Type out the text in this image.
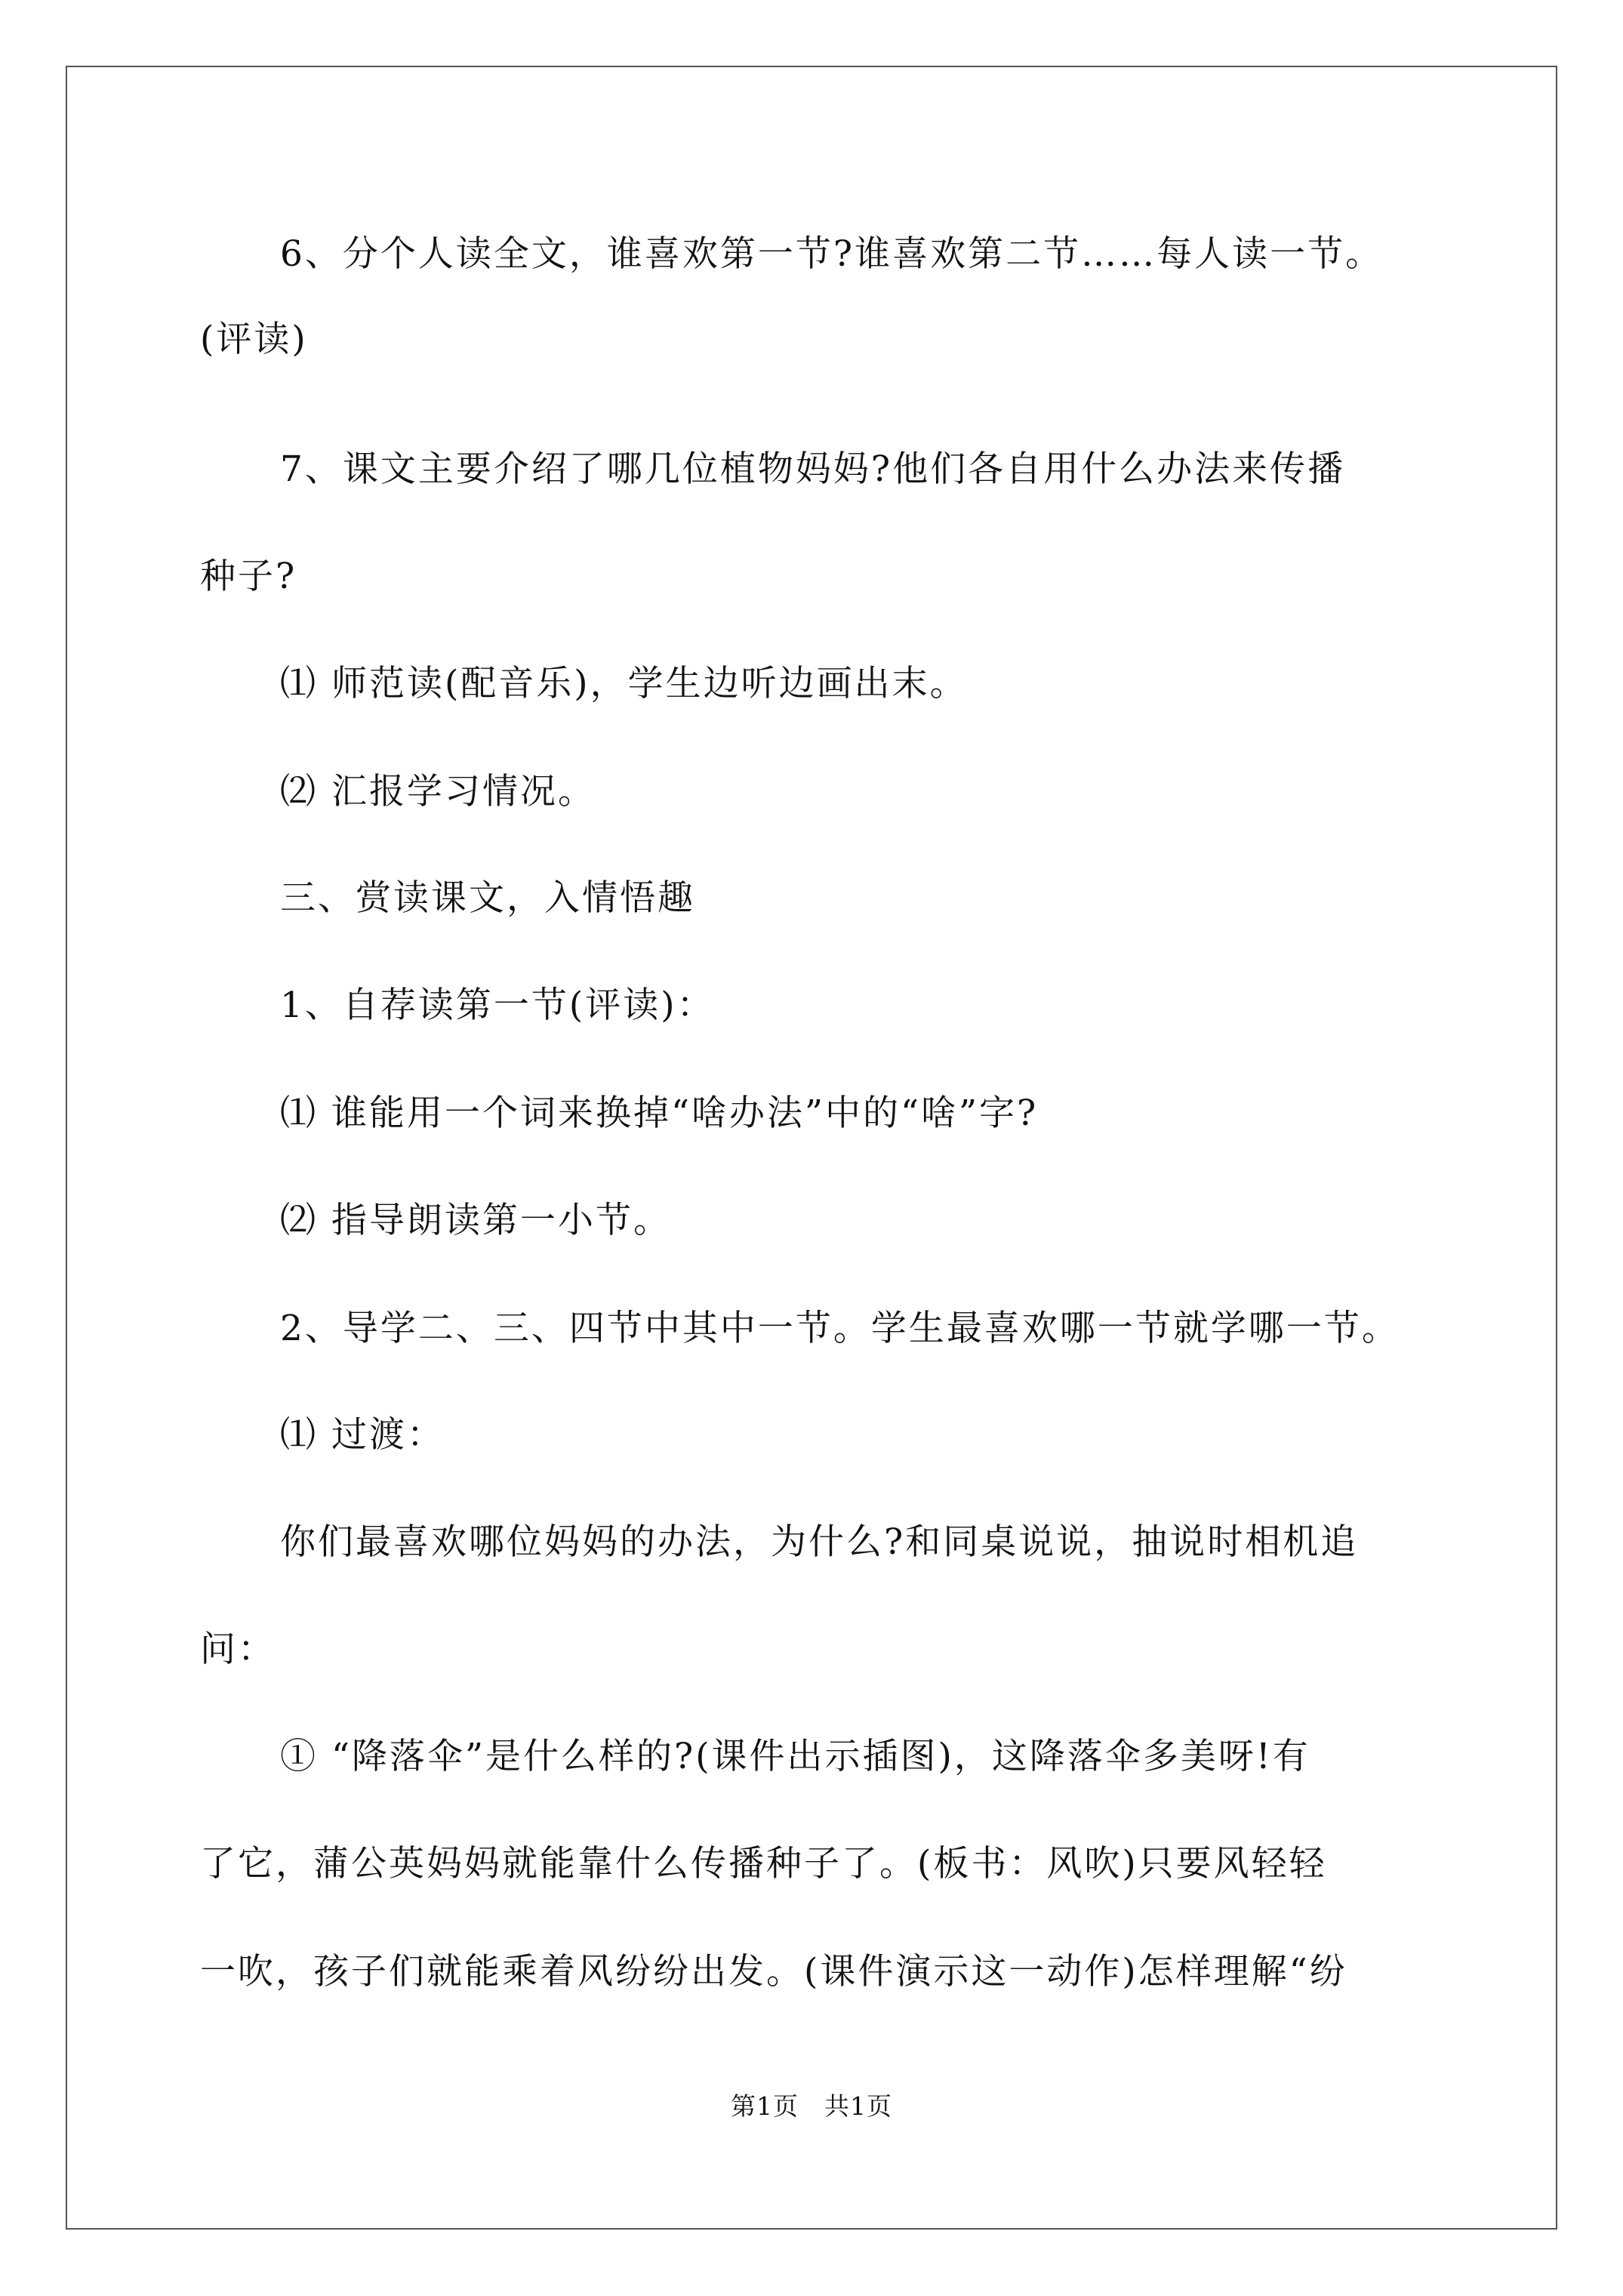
6、分个人读全文，谁喜欢第一节?谁喜欢第二节……每人读一节。
(评读)
7、课文主要介绍了哪几位植物妈妈?他们各自用什么办法来传播
种子?
⑴ 师范读(配音乐)，学生边听边画出末。
⑵ 汇报学习情况。
三、赏读课文，入情悟趣
1、自荐读第一节(评读)：
⑴ 谁能用一个词来换掉“啥办法”中的“啥”字?
⑵ 指导朗读第一小节。
2、导学二、三、四节中其中一节。学生最喜欢哪一节就学哪一节。
⑴ 过渡：
你们最喜欢哪位妈妈的办法，为什么?和同桌说说，抽说时相机追
问：
① “降落伞”是什么样的?(课件出示插图)，这降落伞多美呀!有
了它，蒲公英妈妈就能靠什么传播种子了。(板书：风吹)只要风轻轻
一吹，孩子们就能乘着风纷纷出发。(课件演示这一动作)怎样理解“纷
第1页　共1页
